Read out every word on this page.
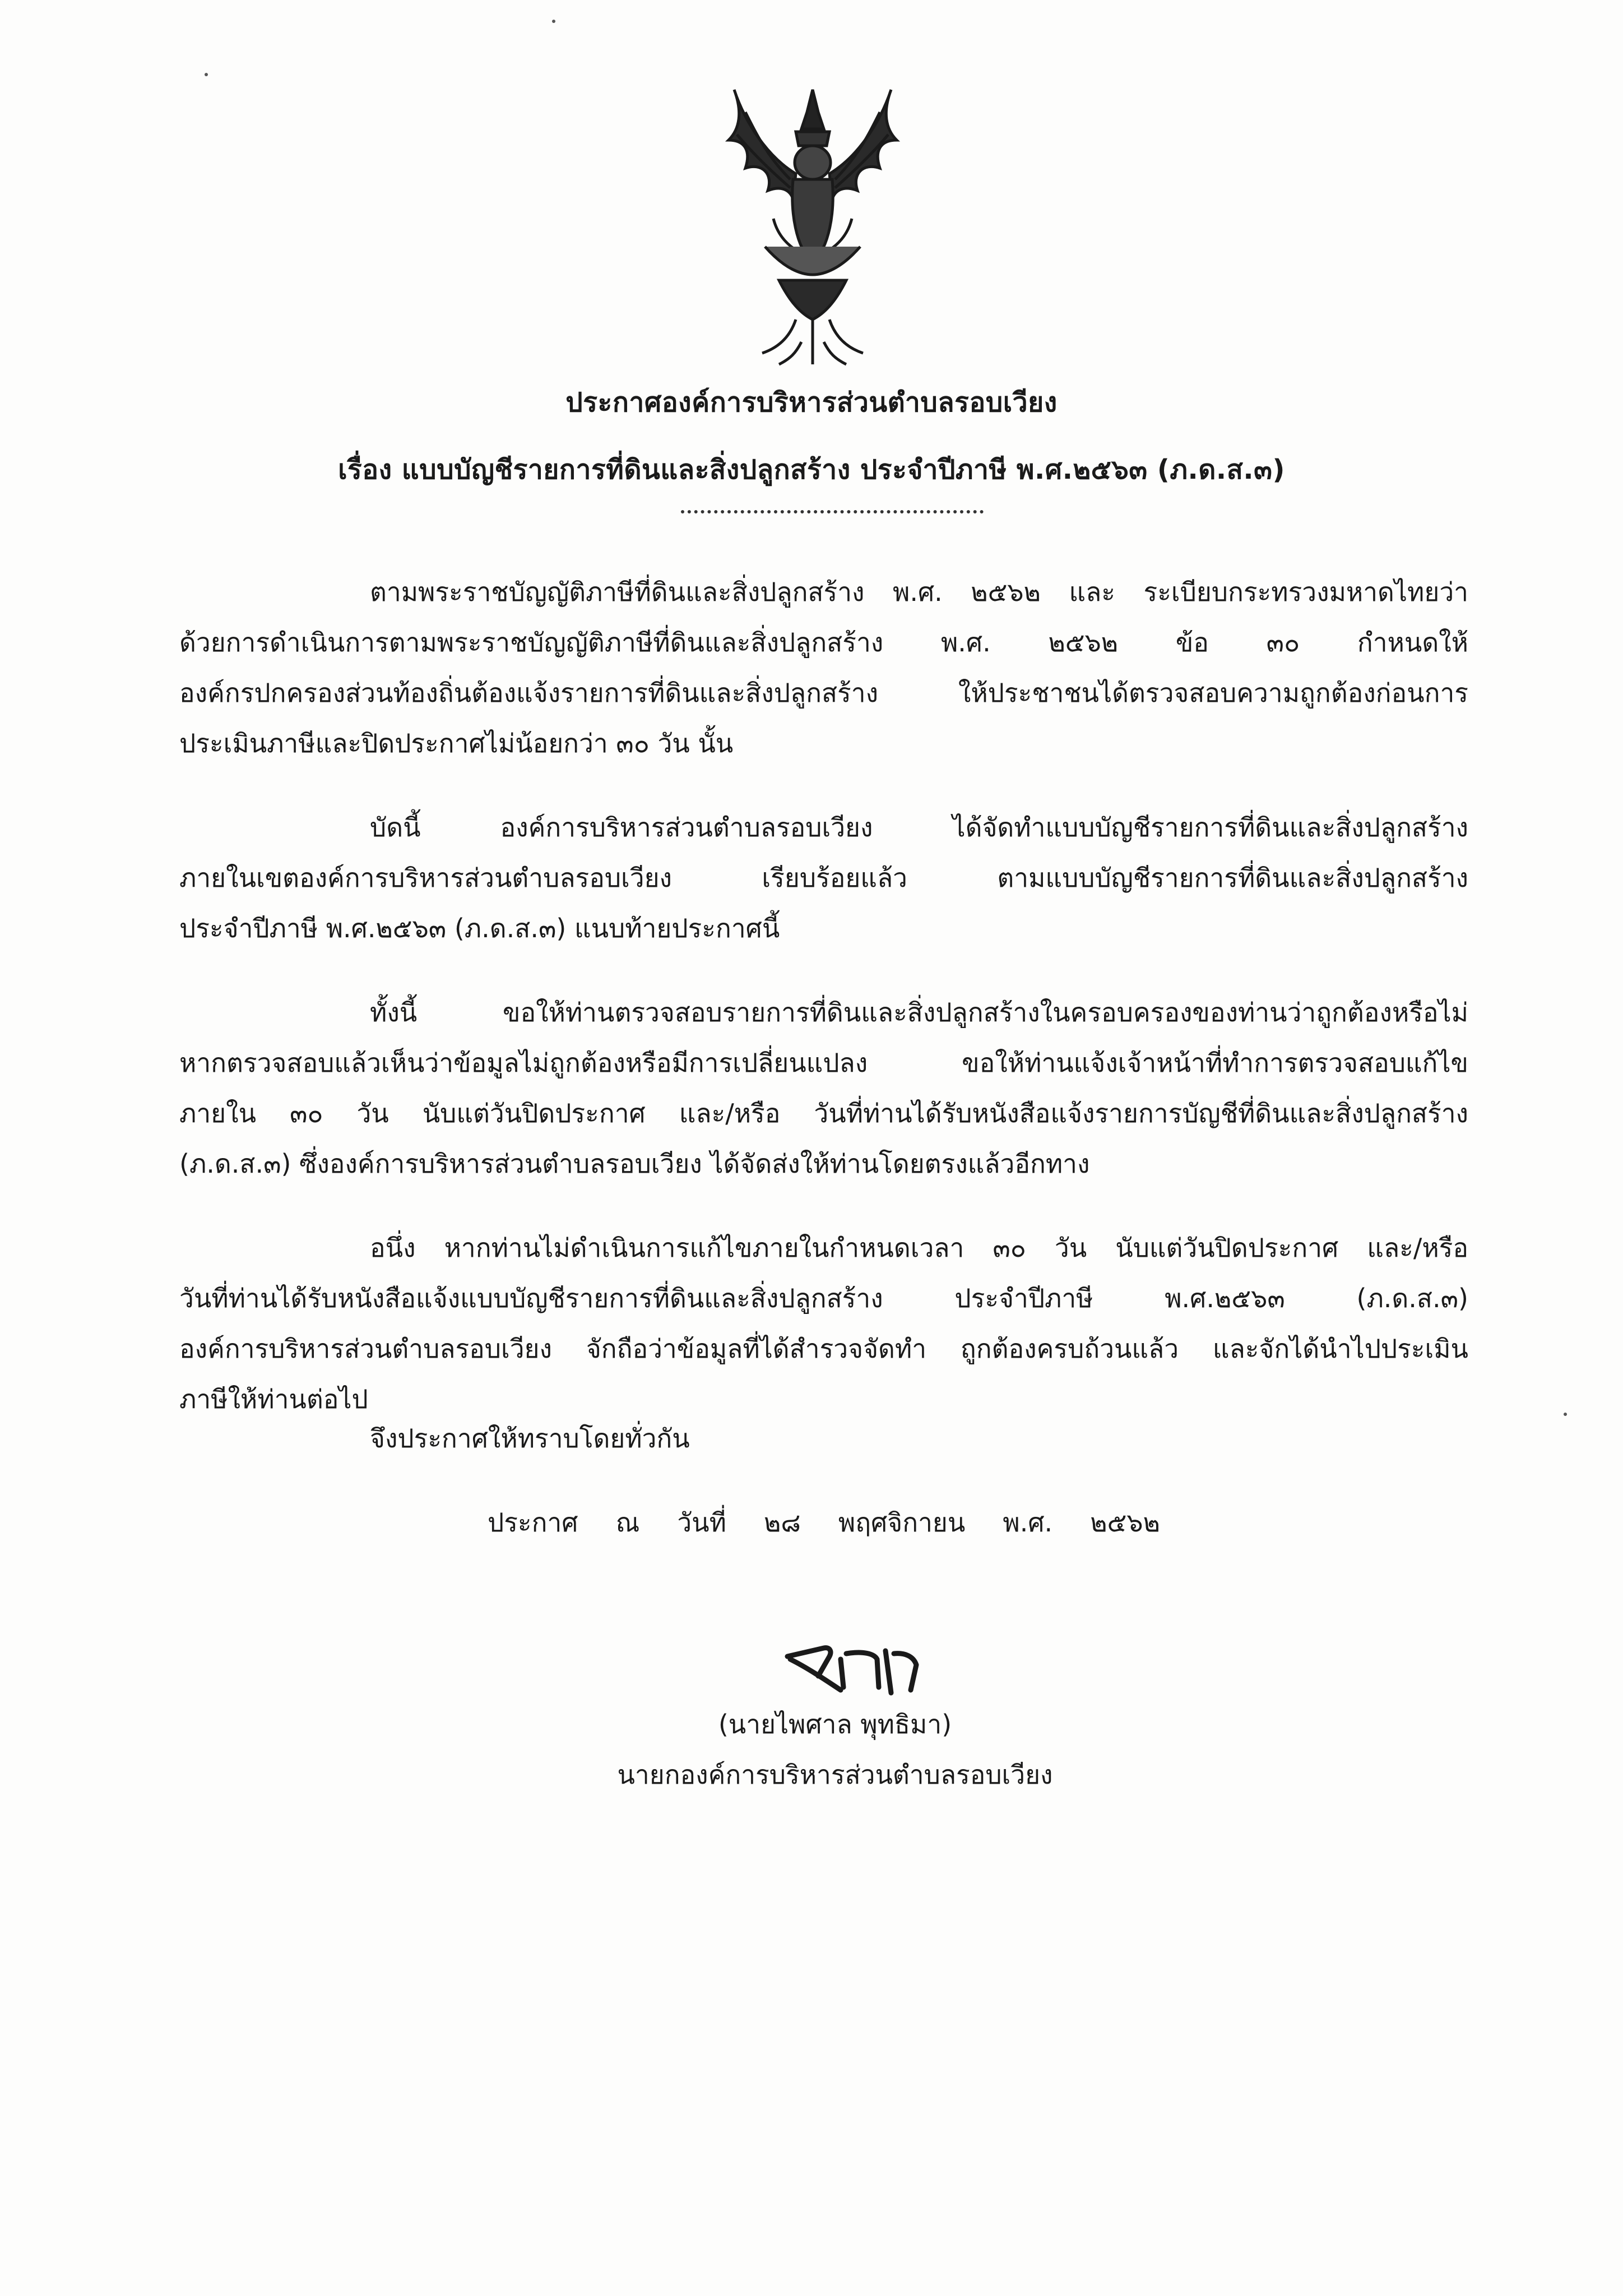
ประกาศองค์การบริหารส่วนตำบลรอบเวียง
เรื่อง แบบบัญชีรายการที่ดินและสิ่งปลูกสร้าง ประจำปีภาษี พ.ศ.๒๕๖๓ (ภ.ด.ส.๓)
ตามพระราชบัญญัติภาษีที่ดินและสิ่งปลูกสร้าง พ.ศ. ๒๕๖๒ และ ระเบียบกระทรวงมหาดไทยว่า
ด้วยการดำเนินการตามพระราชบัญญัติภาษีที่ดินและสิ่งปลูกสร้าง พ.ศ. ๒๕๖๒ ข้อ ๓๐ กำหนดให้
องค์กรปกครองส่วนท้องถิ่นต้องแจ้งรายการที่ดินและสิ่งปลูกสร้าง ให้ประชาชนได้ตรวจสอบความถูกต้องก่อนการ
ประเมินภาษีและปิดประกาศไม่น้อยกว่า ๓๐ วัน นั้น
บัดนี้ องค์การบริหารส่วนตำบลรอบเวียง ได้จัดทำแบบบัญชีรายการที่ดินและสิ่งปลูกสร้าง
ภายในเขตองค์การบริหารส่วนตำบลรอบเวียง เรียบร้อยแล้ว ตามแบบบัญชีรายการที่ดินและสิ่งปลูกสร้าง
ประจำปีภาษี พ.ศ.๒๕๖๓ (ภ.ด.ส.๓) แนบท้ายประกาศนี้
ทั้งนี้ ขอให้ท่านตรวจสอบรายการที่ดินและสิ่งปลูกสร้างในครอบครองของท่านว่าถูกต้องหรือไม่
หากตรวจสอบแล้วเห็นว่าข้อมูลไม่ถูกต้องหรือมีการเปลี่ยนแปลง ขอให้ท่านแจ้งเจ้าหน้าที่ทำการตรวจสอบแก้ไข
ภายใน ๓๐ วัน นับแต่วันปิดประกาศ และ/หรือ วันที่ท่านได้รับหนังสือแจ้งรายการบัญชีที่ดินและสิ่งปลูกสร้าง
(ภ.ด.ส.๓) ซึ่งองค์การบริหารส่วนตำบลรอบเวียง ได้จัดส่งให้ท่านโดยตรงแล้วอีกทาง
อนึ่ง หากท่านไม่ดำเนินการแก้ไขภายในกำหนดเวลา ๓๐ วัน นับแต่วันปิดประกาศ และ/หรือ
วันที่ท่านได้รับหนังสือแจ้งแบบบัญชีรายการที่ดินและสิ่งปลูกสร้าง ประจำปีภาษี พ.ศ.๒๕๖๓ (ภ.ด.ส.๓)
องค์การบริหารส่วนตำบลรอบเวียง จักถือว่าข้อมูลที่ได้สำรวจจัดทำ ถูกต้องครบถ้วนแล้ว และจักได้นำไปประเมิน
ภาษีให้ท่านต่อไป
จึงประกาศให้ทราบโดยทั่วกัน
ประกาศ ณ วันที่ ๒๘ พฤศจิกายน พ.ศ. ๒๕๖๒
(นายไพศาล พุทธิมา)
นายกองค์การบริหารส่วนตำบลรอบเวียง
